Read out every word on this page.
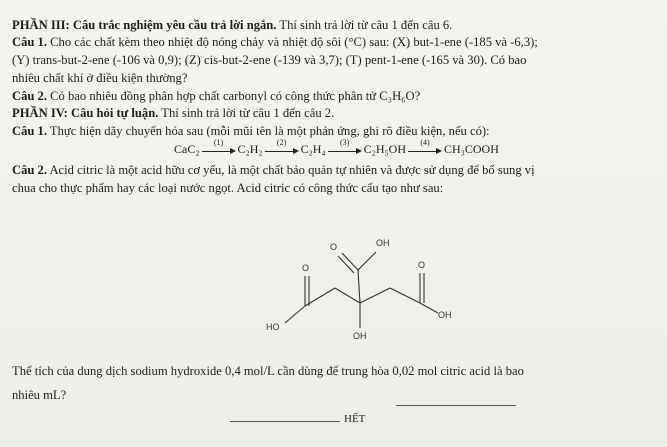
PHẦN III: Câu trắc nghiệm yêu cầu trả lời ngắn. Thí sinh trả lời từ câu 1 đến câu 6.
Câu 1. Cho các chất kèm theo nhiệt độ nóng chảy và nhiệt độ sôi (°C) sau: (X) but-1-ene (-185 và -6,3);
(Y) trans-but-2-ene (-106 và 0,9); (Z) cis-but-2-ene (-139 và 3,7); (T) pent-1-ene (-165 và 30). Có bao
nhiêu chất khí ở điều kiện thường?
Câu 2. Có bao nhiêu đồng phân hợp chất carbonyl có công thức phân tử C₃H₆O?
PHẦN IV: Câu hỏi tự luận. Thí sinh trả lời từ câu 1 đến câu 2.
Câu 1. Thực hiện dãy chuyển hóa sau (mỗi mũi tên là một phản ứng, ghi rõ điều kiện, nếu có):
CaC₂	(1)	C₂H₂	(2)	C₂H₄	(3)	C₂H₅OH	(4)	CH₃COOH
Câu 2. Acid citric là một acid hữu cơ yếu, là một chất bảo quản tự nhiên và được sử dụng để bổ sung vị
chua cho thực phẩm hay các loại nước ngọt. Acid citric có công thức cấu tạo như sau:
OH
O
O	O
OH
HO
OH
Thể tích của dung dịch sodium hydroxide 0,4 mol/L cần dùng để trung hòa 0,02 mol citric acid là bao
nhiêu mL?
HẾT
